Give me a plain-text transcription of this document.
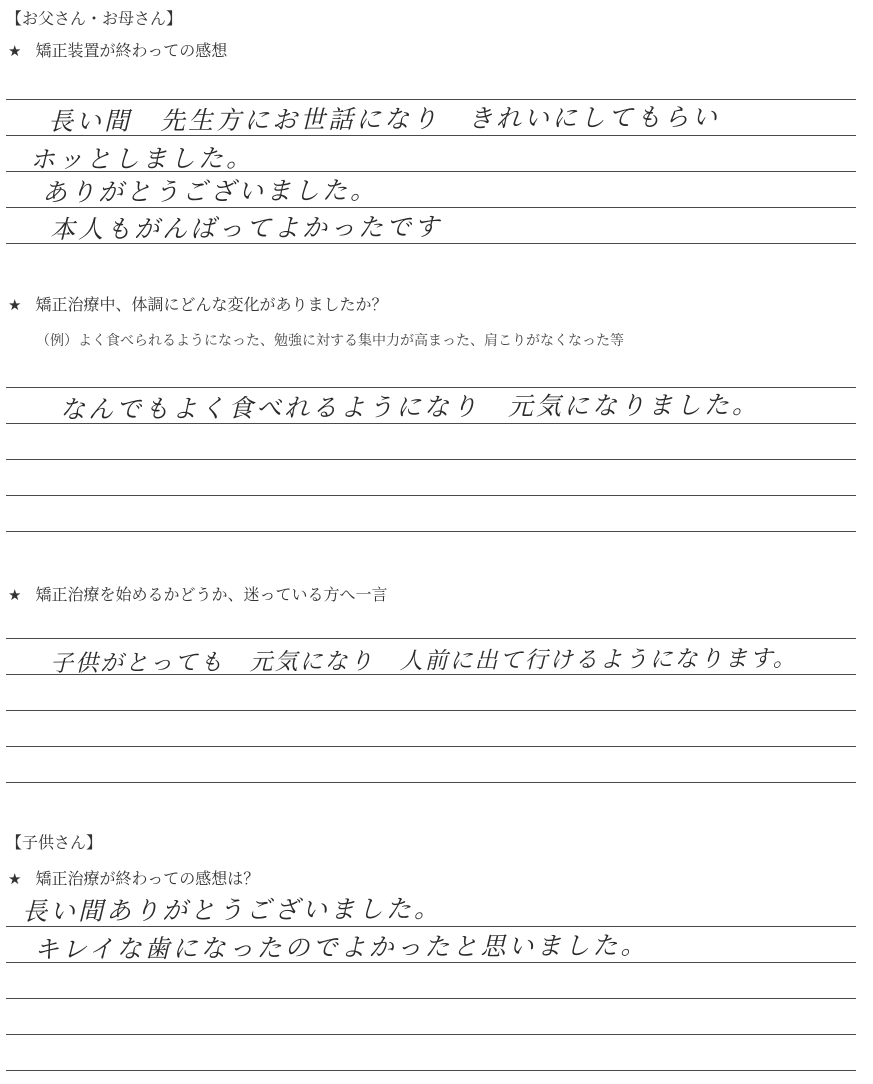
【お父さん・お母さん】
★ 矯正装置が終わっての感想
長い間　先生方にお世話になり　きれいにしてもらい
ホッとしました。
ありがとうございました。
本人もがんばってよかったです
★ 矯正治療中、体調にどんな変化がありましたか？
（例）よく食べられるようになった、勉強に対する集中力が高まった、肩こりがなくなった等
なんでもよく食べれるようになり　元気になりました。
★ 矯正治療を始めるかどうか、迷っている方へ一言
子供がとっても　元気になり　人前に出て行けるようになります。
【子供さん】
★ 矯正治療が終わっての感想は？
長い間ありがとうございました。
キレイな歯になったのでよかったと思いました。
